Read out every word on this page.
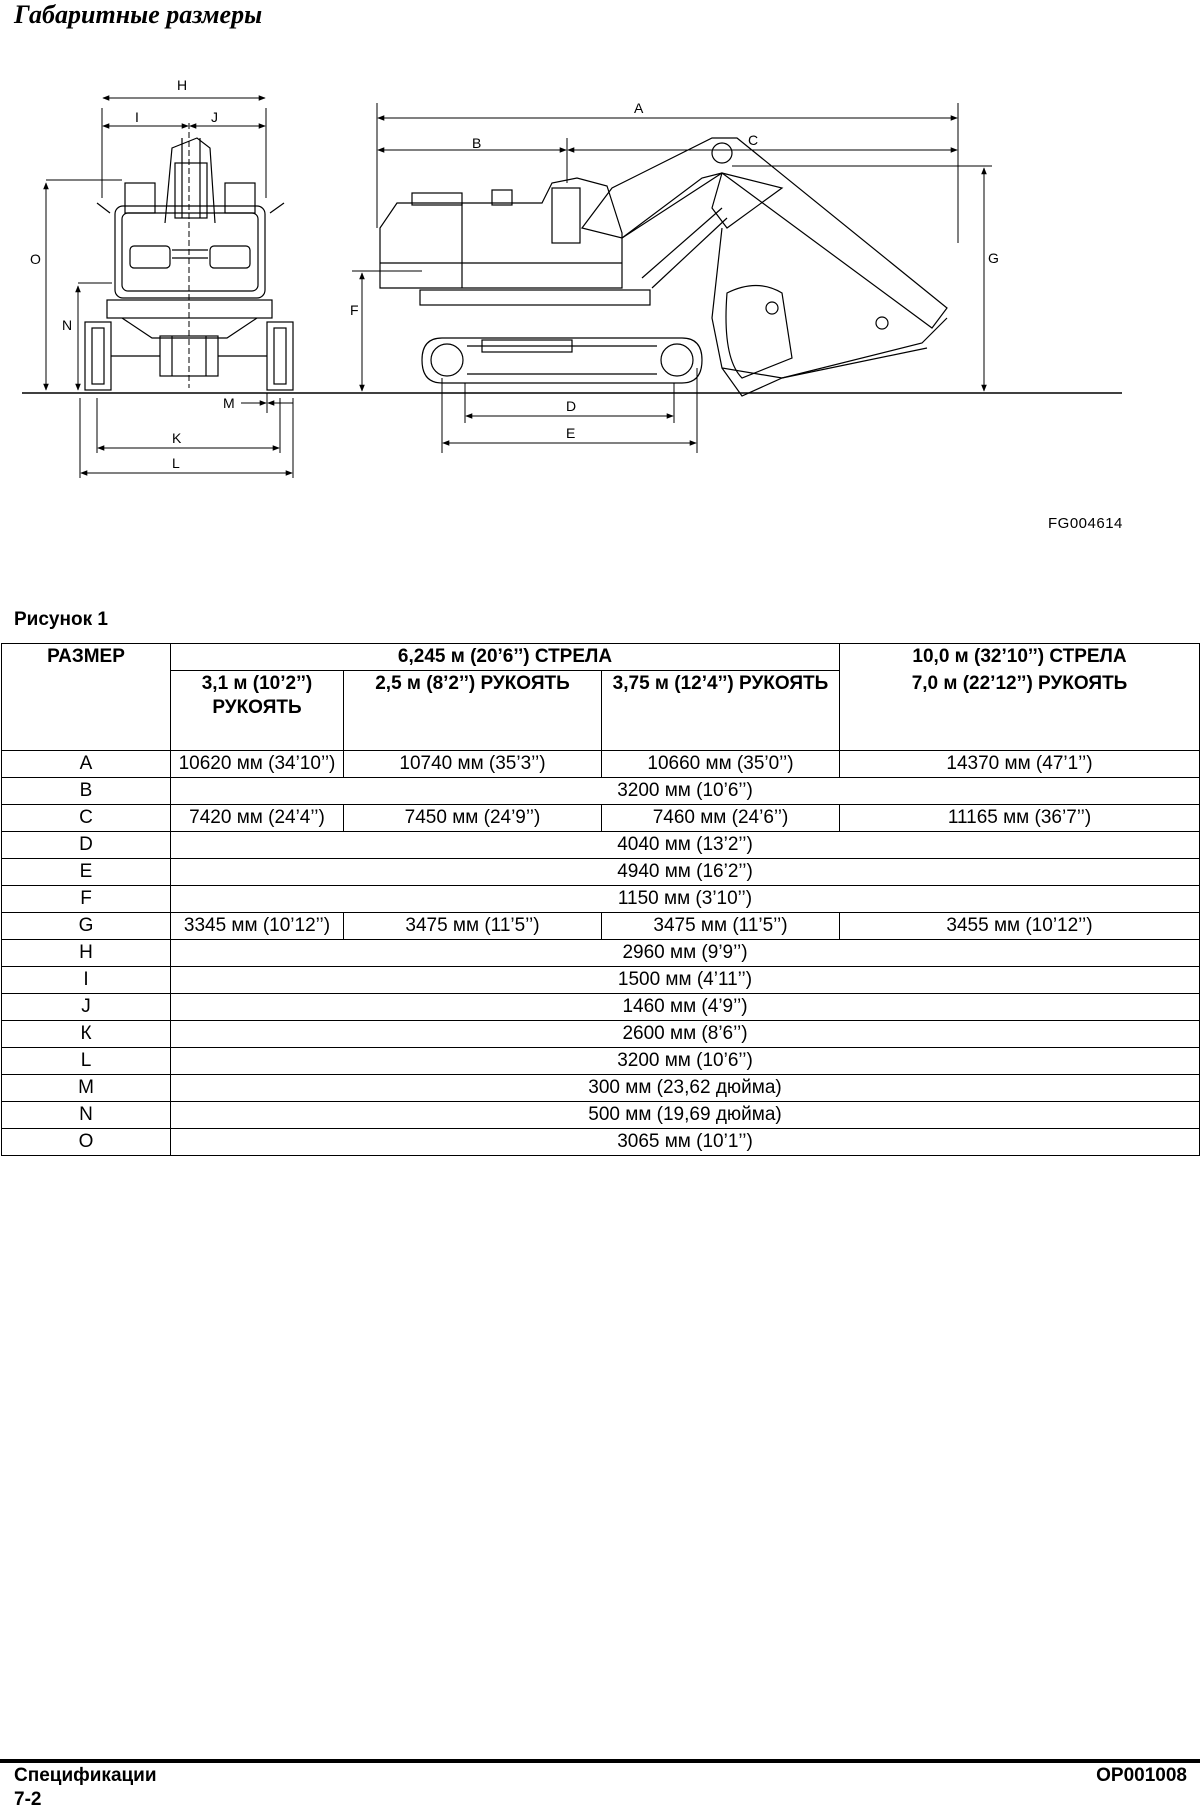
Габаритные размеры
H
I	J
O
N
M
K
L
A
B	C
G
F
D
E
FG004614
Рисунок 1
РАЗМЕР	6,245 м (20’6’’) СТРЕЛА			10,0 м (32’10’’) СТРЕЛА
	3,1 м (10’2’’) РУКОЯТЬ	2,5 м (8’2’’) РУКОЯТЬ	3,75 м (12’4’’) РУКОЯТЬ	7,0 м (22’12’’) РУКОЯТЬ
A	10620 мм (34’10’’)	10740 мм (35’3’’)	10660 мм (35’0’’)	14370 мм (47’1’’)
B	3200 мм (10’6’’)			
C	7420 мм (24’4’’)	7450 мм (24’9’’)	7460 мм (24’6’’)	11165 мм (36’7’’)
D	4040 мм (13’2’’)			
E	4940 мм (16’2’’)			
F	1150 мм (3’10’’)			
G	3345 мм (10’12’’)	3475 мм (11’5’’)	3475 мм (11’5’’)	3455 мм (10’12’’)
H	2960 мм (9’9’’)			
I	1500 мм (4’11’’)			
J	1460 мм (4’9’’)			
К	2600 мм (8’6’’)			
L	3200 мм (10’6’’)			
M	300 мм (23,62 дюйма)			
N	500 мм (19,69 дюйма)			
O	3065 мм (10’1’’)			
Спецификации
7-2
OP001008
